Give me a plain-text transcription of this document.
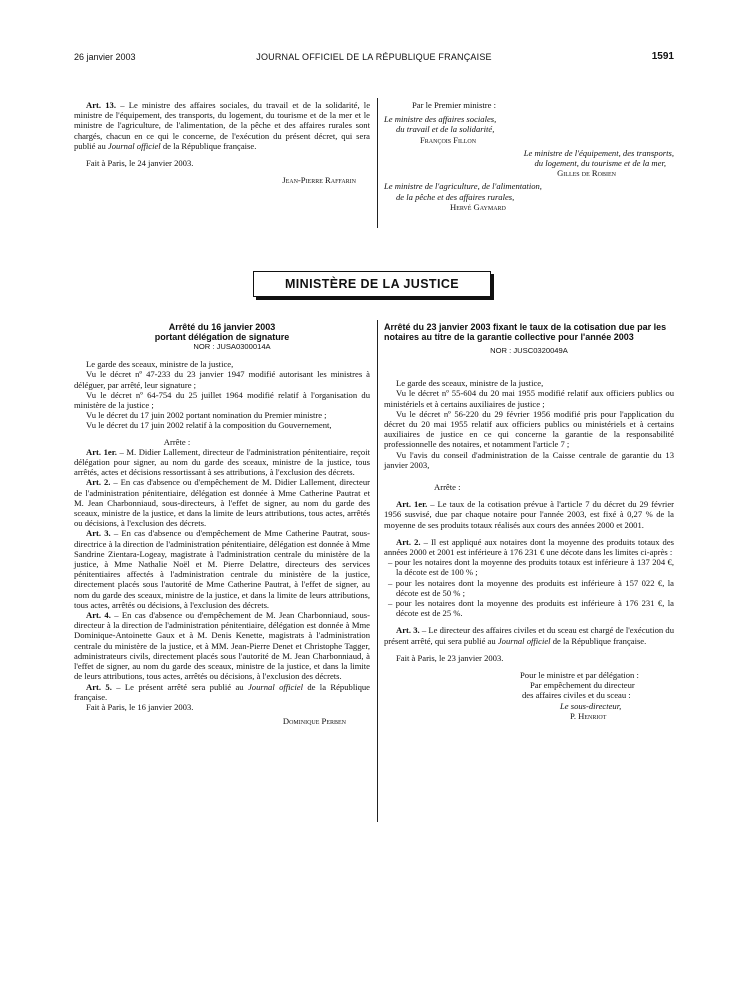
26 janvier 2003	JOURNAL OFFICIEL DE LA RÉPUBLIQUE FRANÇAISE	1591

Art. 13. – Le ministre des affaires sociales, du travail et de la solidarité, le ministre de l'équipement, des transports, du logement, du tourisme et de la mer et le ministre de l'agriculture, de l'alimentation, de la pêche et des affaires rurales sont chargés, chacun en ce qui le concerne, de l'exécution du présent décret, qui sera publié au Journal officiel de la République française.

Fait à Paris, le 24 janvier 2003.

Jean-Pierre Raffarin

Par le Premier ministre :

Le ministre des affaires sociales,

du travail et de la solidarité,

François Fillon

Le ministre de l'équipement, des transports,

du logement, du tourisme et de la mer,

Gilles de Robien

Le ministre de l'agriculture, de l'alimentation,

de la pêche et des affaires rurales,

Hervé Gaymard

MINISTÈRE DE LA JUSTICE

Arrêté du 16 janvier 2003

portant délégation de signature

NOR : JUSA0300014A

Le garde des sceaux, ministre de la justice,

Vu le décret nº 47-233 du 23 janvier 1947 modifié autorisant les ministres à déléguer, par arrêté, leur signature ;

Vu le décret nº 64-754 du 25 juillet 1964 modifié relatif à l'organisation du ministère de la justice ;

Vu le décret du 17 juin 2002 portant nomination du Premier ministre ;

Vu le décret du 17 juin 2002 relatif à la composition du Gouvernement,

Arrête :

Art. 1er. – M. Didier Lallement, directeur de l'administration pénitentiaire, reçoit délégation pour signer, au nom du garde des sceaux, ministre de la justice, tous arrêtés, actes et décisions ressortissant à ses attributions, à l'exclusion des décrets.

Art. 2. – En cas d'absence ou d'empêchement de M. Didier Lallement, directeur de l'administration pénitentiaire, délégation est donnée à Mme Catherine Pautrat et M. Jean Charbonniaud, sous-directeurs, à l'effet de signer, au nom du garde des sceaux, ministre de la justice, et dans la limite de leurs attributions, tous actes, arrêtés ou décisions, à l'exclusion des décrets.

Art. 3. – En cas d'absence ou d'empêchement de Mme Catherine Pautrat, sous-directrice à la direction de l'administration pénitentiaire, délégation est donnée à Mme Sandrine Zientara-Logeay, magistrate à l'administration centrale du ministère de la justice, à Mme Nathalie Noël et M. Pierre Delattre, directeurs des services pénitentiaires affectés à l'administration centrale du ministère de la justice, directement placés sous l'autorité de Mme Catherine Pautrat, à l'effet de signer, au nom du garde des sceaux, ministre de la justice, et dans la limite de leurs attributions, tous actes, arrêtés ou décisions, à l'exclusion des décrets.

Art. 4. – En cas d'absence ou d'empêchement de M. Jean Charbonniaud, sous-directeur à la direction de l'administration pénitentiaire, délégation est donnée à Mme Dominique-Antoinette Gaux et à M. Denis Kenette, magistrats à l'administration centrale du ministère de la justice, et à MM. Jean-Pierre Denet et Christophe Tagger, administrateurs civils, directement placés sous l'autorité de M. Jean Charbonniaud, à l'effet de signer, au nom du garde des sceaux, ministre de la justice, et dans la limite de leurs attributions, tous actes, arrêtés ou décisions, à l'exclusion des décrets.

Art. 5. – Le présent arrêté sera publié au Journal officiel de la République française.

Fait à Paris, le 16 janvier 2003.

Dominique Perben

Arrêté du 23 janvier 2003 fixant le taux de la cotisation due par les notaires au titre de la garantie collective pour l'année 2003

NOR : JUSC0320049A

Le garde des sceaux, ministre de la justice,

Vu le décret nº 55-604 du 20 mai 1955 modifié relatif aux officiers publics ou ministériels et à certains auxiliaires de justice ;

Vu le décret nº 56-220 du 29 février 1956 modifié pris pour l'application du décret du 20 mai 1955 relatif aux officiers publics ou ministériels et à certains auxiliaires de justice en ce qui concerne la garantie de la responsabilité professionnelle des notaires, et notamment l'article 7 ;

Vu l'avis du conseil d'administration de la Caisse centrale de garantie du 13 janvier 2003,

Arrête :

Art. 1er. – Le taux de la cotisation prévue à l'article 7 du décret du 29 février 1956 susvisé, due par chaque notaire pour l'année 2003, est fixé à 0,27 % de la moyenne de ses produits totaux réalisés aux cours des années 2000 et 2001.

Art. 2. – Il est appliqué aux notaires dont la moyenne des produits totaux des années 2000 et 2001 est inférieure à 176 231 € une décote dans les limites ci-après :

– pour les notaires dont la moyenne des produits totaux est inférieure à 137 204 €, la décote est de 100 % ;

– pour les notaires dont la moyenne des produits est inférieure à 157 022 €, la décote est de 50 % ;

– pour les notaires dont la moyenne des produits est inférieure à 176 231 €, la décote est de 25 %.

Art. 3. – Le directeur des affaires civiles et du sceau est chargé de l'exécution du présent arrêté, qui sera publié au Journal officiel de la République française.

Fait à Paris, le 23 janvier 2003.

Pour le ministre et par délégation :

Par empêchement du directeur

des affaires civiles et du sceau :

Le sous-directeur,

P. Henriot
